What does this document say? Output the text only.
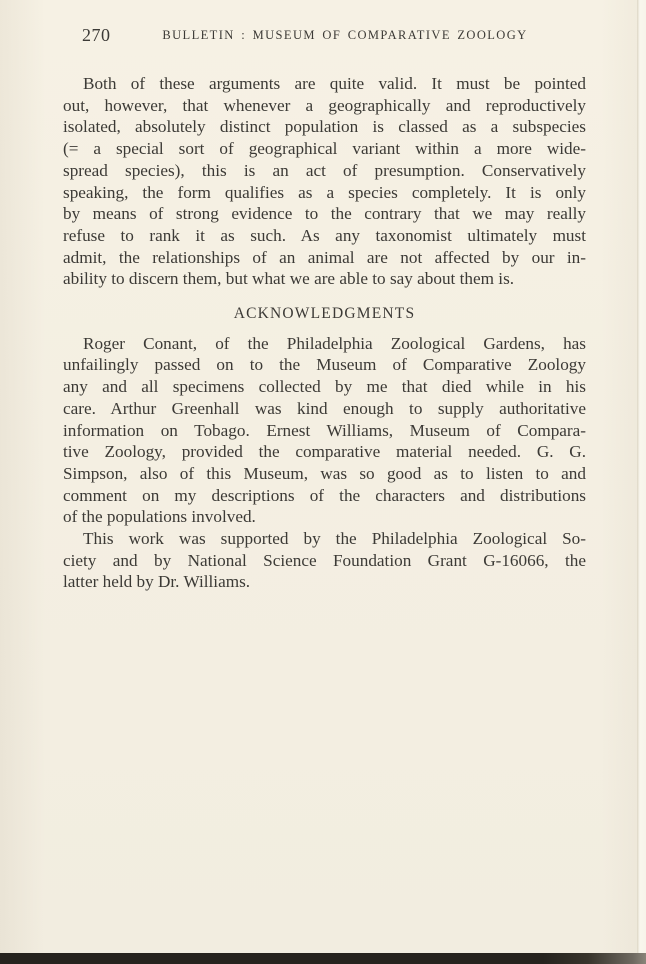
270	BULLETIN : MUSEUM OF COMPARATIVE ZOOLOGY
Both of these arguments are quite valid. It must be pointed
out, however, that whenever a geographically and reproductively
isolated, absolutely distinct population is classed as a subspecies
(= a special sort of geographical variant within a more wide-
spread species), this is an act of presumption. Conservatively
speaking, the form qualifies as a species completely. It is only
by means of strong evidence to the contrary that we may really
refuse to rank it as such. As any taxonomist ultimately must
admit, the relationships of an animal are not affected by our in-
ability to discern them, but what we are able to say about them is.
ACKNOWLEDGMENTS
Roger Conant, of the Philadelphia Zoological Gardens, has
unfailingly passed on to the Museum of Comparative Zoology
any and all specimens collected by me that died while in his
care. Arthur Greenhall was kind enough to supply authoritative
information on Tobago. Ernest Williams, Museum of Compara-
tive Zoology, provided the comparative material needed. G. G.
Simpson, also of this Museum, was so good as to listen to and
comment on my descriptions of the characters and distributions
of the populations involved.
This work was supported by the Philadelphia Zoological So-
ciety and by National Science Foundation Grant G-16066, the
latter held by Dr. Williams.
